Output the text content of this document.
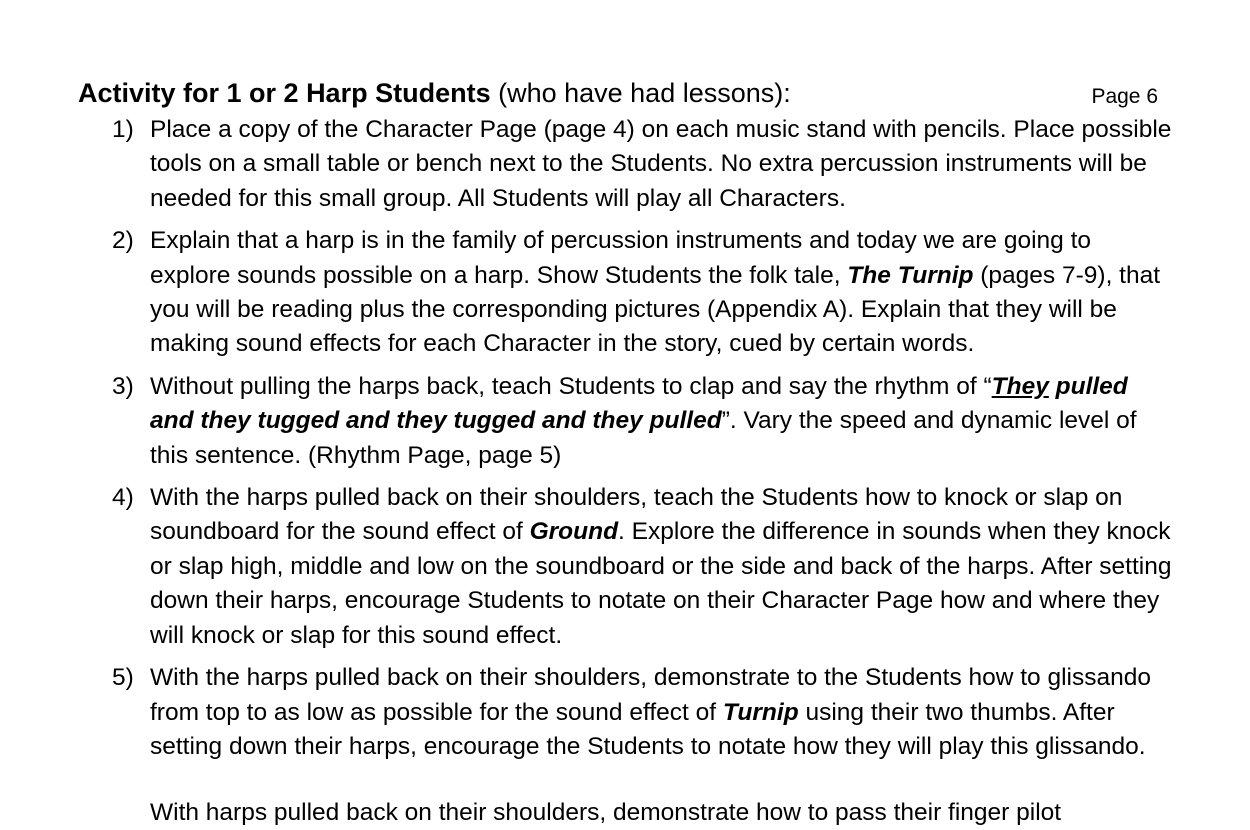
Activity for 1 or 2 Harp Students (who have had lessons):	Page 6
1) Place a copy of the Character Page (page 4) on each music stand with pencils. Place possible tools on a small table or bench next to the Students. No extra percussion instruments will be needed for this small group. All Students will play all Characters.
2) Explain that a harp is in the family of percussion instruments and today we are going to explore sounds possible on a harp. Show Students the folk tale, The Turnip (pages 7-9), that you will be reading plus the corresponding pictures (Appendix A). Explain that they will be making sound effects for each Character in the story, cued by certain words.
3) Without pulling the harps back, teach Students to clap and say the rhythm of “They pulled and they tugged and they tugged and they pulled”. Vary the speed and dynamic level of this sentence. (Rhythm Page, page 5)
4) With the harps pulled back on their shoulders, teach the Students how to knock or slap on soundboard for the sound effect of Ground. Explore the difference in sounds when they knock or slap high, middle and low on the soundboard or the side and back of the harps. After setting down their harps, encourage Students to notate on their Character Page how and where they will knock or slap for this sound effect.
5) With the harps pulled back on their shoulders, demonstrate to the Students how to glissando from top to as low as possible for the sound effect of Turnip using their two thumbs. After setting down their harps, encourage the Students to notate how they will play this glissando.
With harps pulled back on their shoulders, demonstrate how to pass their finger pilot
